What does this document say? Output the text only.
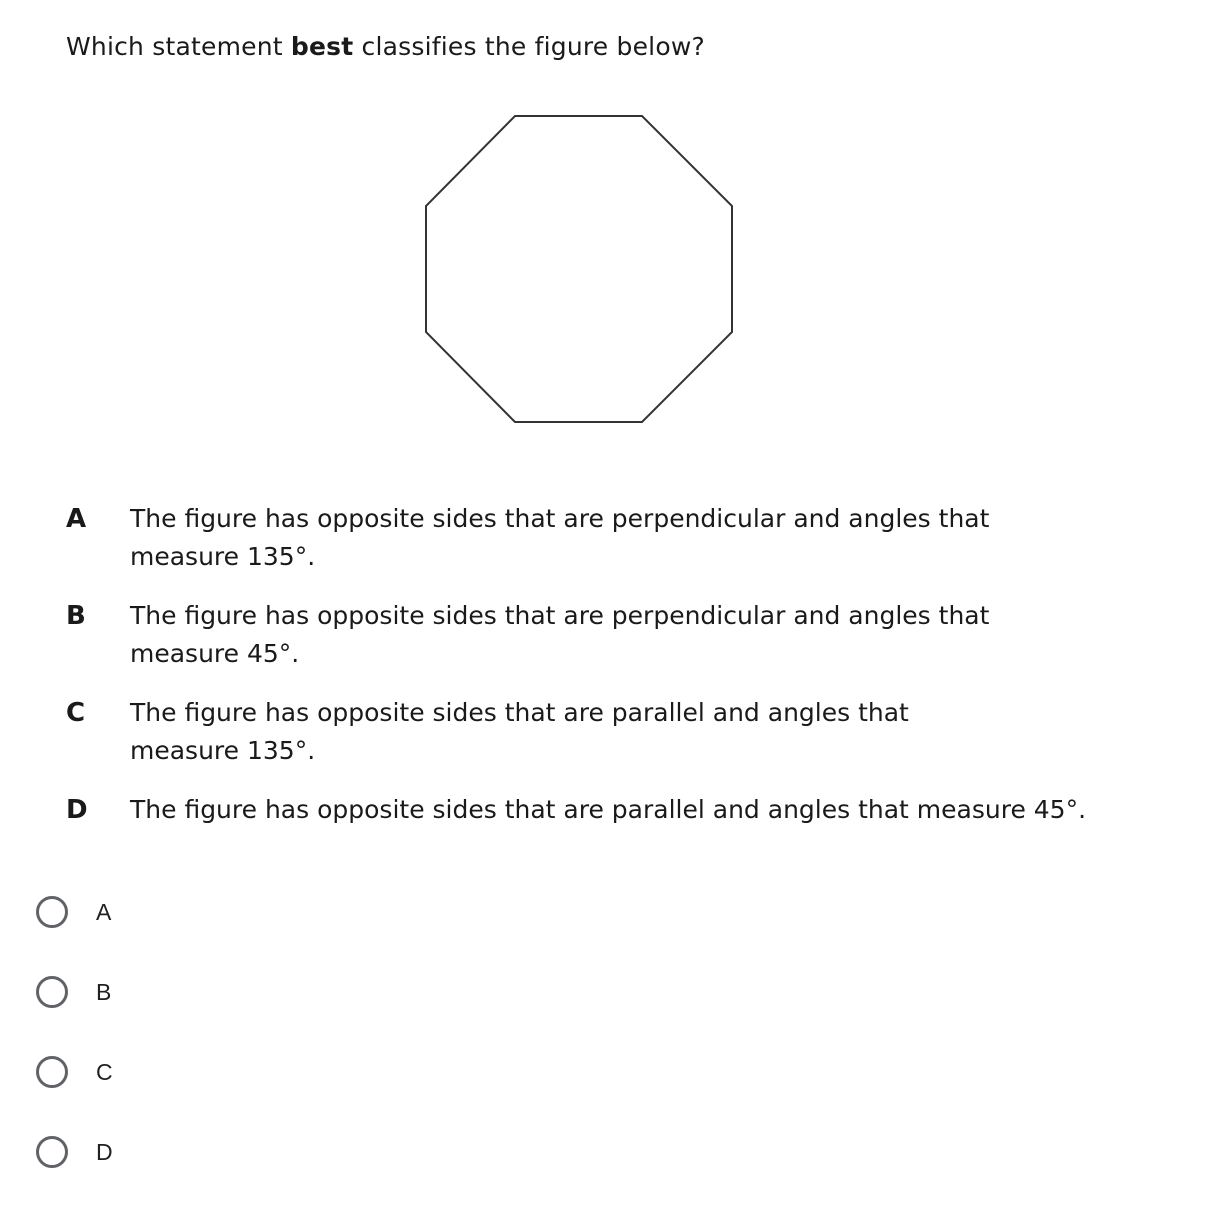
Which statement best classifies the figure below?
A The figure has opposite sides that are perpendicular and angles that
measure 135°.
B The figure has opposite sides that are perpendicular and angles that
measure 45°.
C The figure has opposite sides that are parallel and angles that
measure 135°.
D The figure has opposite sides that are parallel and angles that measure 45°.
A
B
C
D
